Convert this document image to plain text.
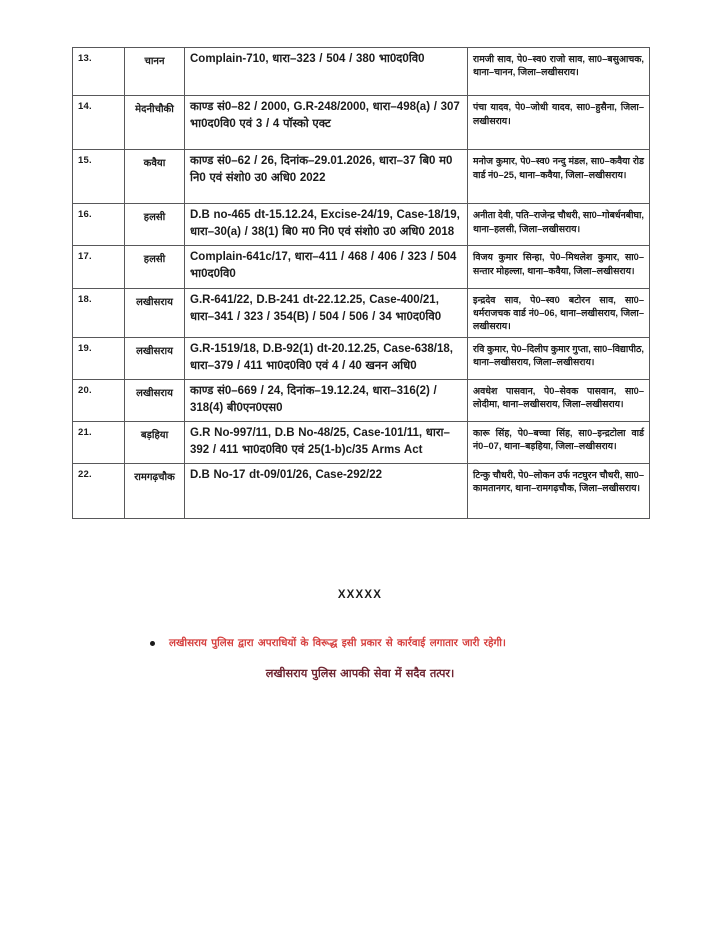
13.	चानन	Complain-710, धारा–323 / 504 / 380 भा0द0वि0	रामजी साव, पे0–स्व0 राजो साव, सा0–बसुआचक, थाना–चानन, जिला–लखीसराय।
14.	मेदनीचौकी	काण्ड सं0–82 / 2000, G.R-248/2000, धारा–498(a) / 307 भा0द0वि0 एवं 3 / 4 पॉस्को एक्ट	पंचा यादव, पे0–जोधी यादव, सा0–हुसैना, जिला–लखीसराय।
15.	कवैया	काण्ड सं0–62 / 26, दिनांक–29.01.2026, धारा–37 बि0 म0 नि0 एवं संशो0 उ0 अधि0 2022	मनोज कुमार, पे0–स्व0 नन्दु मंडल, सा0–कवैया रोड वार्ड नं0–25, थाना–कवैया, जिला–लखीसराय।
16.	हलसी	D.B no-465 dt-15.12.24, Excise-24/19, Case-18/19, धारा–30(a) / 38(1) बि0 म0 नि0 एवं संशो0 उ0 अधि0 2018	अनीता देवी, पति–राजेन्द्र चौधरी, सा0–गोबर्धनबीघा, थाना–हलसी, जिला–लखीसराय।
17.	हलसी	Complain-641c/17, धारा–411 / 468 / 406 / 323 / 504 भा0द0वि0	विजय कुमार सिन्हा, पे0–मिथलेश कुमार, सा0–सन्तार मोहल्ला, थाना–कवैया, जिला–लखीसराय।
18.	लखीसराय	G.R-641/22, D.B-241 dt-22.12.25, Case-400/21, धारा–341 / 323 / 354(B) / 504 / 506 / 34 भा0द0वि0	इन्द्रदेव साव, पे0–स्व0 बटोरन साव, सा0–धर्मराजचक वार्ड नं0–06, थाना–लखीसराय, जिला–लखीसराय।
19.	लखीसराय	G.R-1519/18, D.B-92(1) dt-20.12.25, Case-638/18, धारा–379 / 411 भा0द0वि0 एवं 4 / 40 खनन अधि0	रवि कुमार, पे0–दिलीप कुमार गुप्ता, सा0–विद्यापीठ, थाना–लखीसराय, जिला–लखीसराय।
20.	लखीसराय	काण्ड सं0–669 / 24, दिनांक–19.12.24, धारा–316(2) / 318(4) बी0एन0एस0	अवधेश पासवान, पे0–सेवक पासवान, सा0–लोदीमा, थाना–लखीसराय, जिला–लखीसराय।
21.	बड़हिया	G.R No-997/11, D.B No-48/25, Case-101/11, धारा–392 / 411 भा0द0वि0 एवं 25(1-b)c/35 Arms Act	कारू सिंह, पे0–बच्चा सिंह, सा0–इन्द्रटोला वार्ड नं0–07, थाना–बड़हिया, जिला–लखीसराय।
22.	रामगढ़चौक	D.B No-17 dt-09/01/26, Case-292/22	टिन्कु चौधरी, पे0–लोकन उर्फ नटघुरन चौधरी, सा0–कामतानगर, थाना–रामगढ़चौक, जिला–लखीसराय।
XXXXX
लखीसराय पुलिस द्वारा अपराधियों के विरूद्ध इसी प्रकार से कार्रवाई लगातार जारी रहेगी।
लखीसराय पुलिस आपकी सेवा में सदैव तत्पर।
